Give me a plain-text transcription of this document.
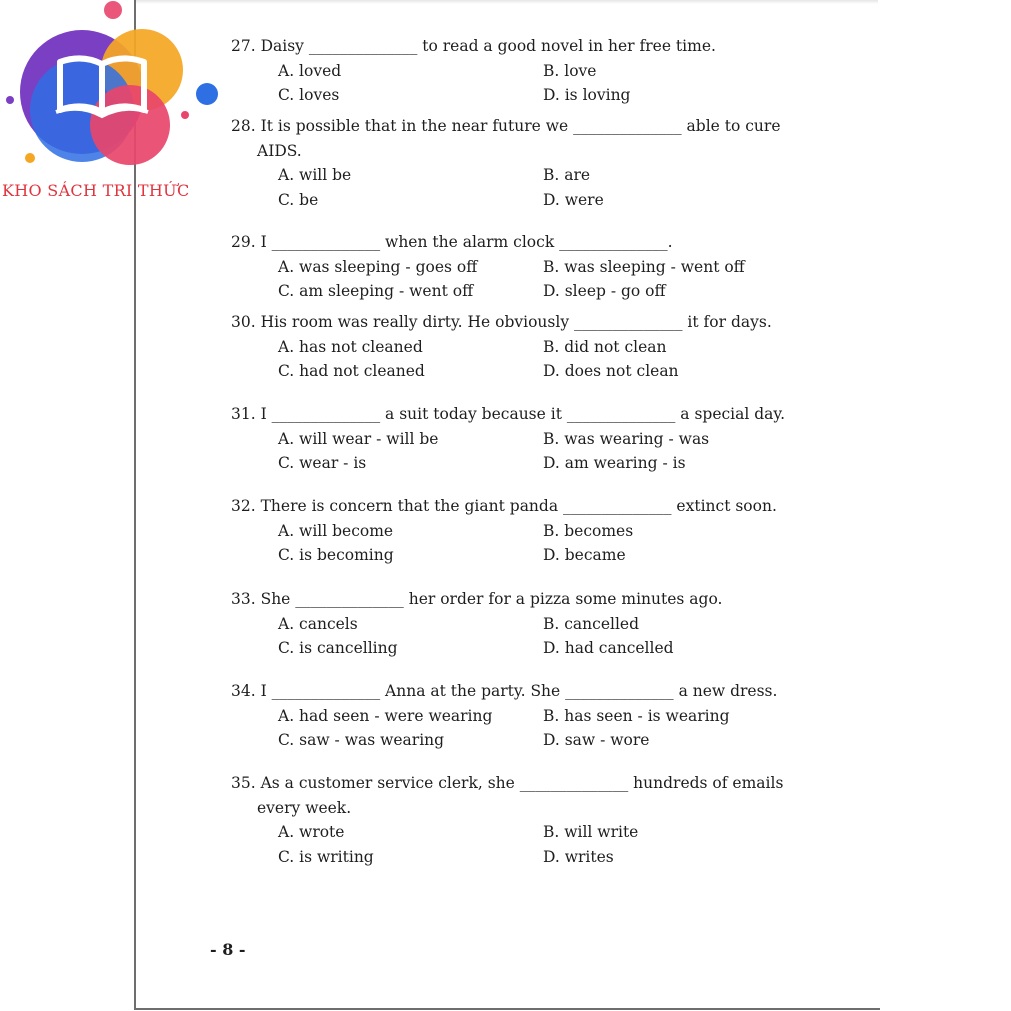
KHO SÁCH TRI THỨC
27. Daisy ______________ to read a good novel in her free time.
A. loved	B. love
C. loves	D. is loving
28. It is possible that in the near future we ______________ able to cure
AIDS.
A. will be	B. are
C. be	D. were
29. I ______________ when the alarm clock ______________.
A. was sleeping - goes off	B. was sleeping - went off
C. am sleeping - went off	D. sleep - go off
30. His room was really dirty. He obviously ______________ it for days.
A. has not cleaned	B. did not clean
C. had not cleaned	D. does not clean
31. I ______________ a suit today because it ______________ a special day.
A. will wear - will be	B. was wearing - was
C. wear - is	D. am wearing - is
32. There is concern that the giant panda ______________ extinct soon.
A. will become	B. becomes
C. is becoming	D. became
33. She ______________ her order for a pizza some minutes ago.
A. cancels	B. cancelled
C. is cancelling	D. had cancelled
34. I ______________ Anna at the party. She ______________ a new dress.
A. had seen - were wearing	B. has seen - is wearing
C. saw - was wearing	D. saw - wore
35. As a customer service clerk, she ______________ hundreds of emails
every week.
A. wrote	B. will write
C. is writing	D. writes
- 8 -
